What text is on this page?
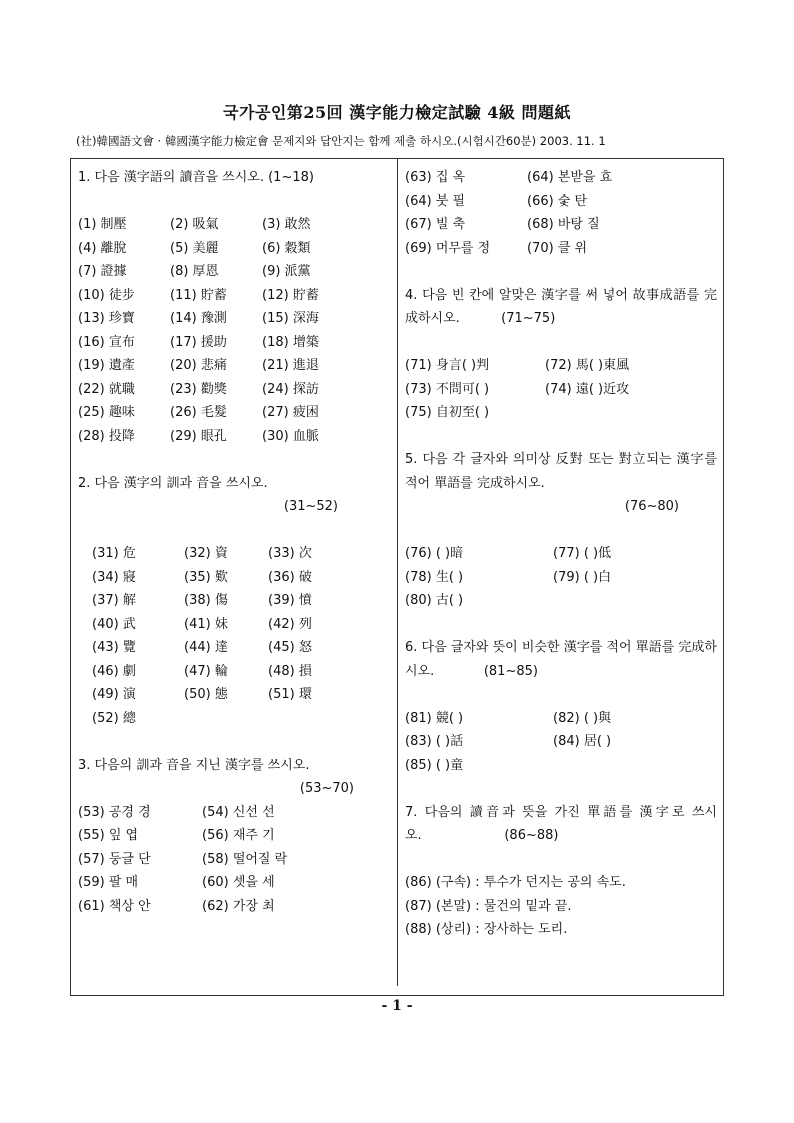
국가공인第25回 漢字能力檢定試驗 4級 問題紙
(社)韓國語文會 · 韓國漢字能力檢定會 문제지와 답안지는 함께 제출 하시오.(시험시간60분) 2003. 11. 1

1. 다음 漢字語의 讀音을 쓰시오. (1~18)

(1) 制壓	(2) 吸氣	(3) 敢然
(4) 離脫	(5) 美麗	(6) 穀類
(7) 證據	(8) 厚恩	(9) 派黨
(10) 徒步	(11) 貯蓄	(12) 貯蓄
(13) 珍寶	(14) 豫測	(15) 深海
(16) 宣布	(17) 援助	(18) 增築
(19) 遺產	(20) 悲痛	(21) 進退
(22) 就職	(23) 勸獎	(24) 探訪
(25) 趣味	(26) 毛髮	(27) 疲困
(28) 投降	(29) 眼孔	(30) 血脈

2. 다음 漢字의 訓과 音을 쓰시오.

(31~52)
(31) 危	(32) 資	(33) 次
(34) 寢	(35) 歎	(36) 破
(37) 解	(38) 傷	(39) 憤
(40) 武	(41) 妹	(42) 列
(43) 覽	(44) 達	(45) 怒
(46) 劇	(47) 輪	(48) 損
(49) 演	(50) 態	(51) 環
(52) 總

3. 다음의 訓과 音을 지닌 漢字를 쓰시오.

(53~70)
(53) 공경 경	(54) 신선 선
(55) 잎 엽	(56) 재주 기
(57) 둥글 단	(58) 떨어질 락
(59) 팔 매	(60) 셋을 세
(61) 책상 안	(62) 가장 최
(63) 집 옥	(64) 본받을 효
(64) 붓 필	(66) 숯 탄
(67) 빌 축	(68) 바탕 질
(69) 머무를 정	(70) 클 위

4. 다음 빈 칸에 알맞은 漢字를 써 넣어 故事成語를 完成하시오.	(71~75)

(71) 身言( )判	(72) 馬( )東風
(73) 不問可( )	(74) 遠( )近攻
(75) 自初至( )

5. 다음 각 글자와 의미상 反對 또는 對立되는 漢字를 적어 單語를 完成하시오.

(76~80)
(76) ( )暗	(77) ( )低
(78) 生( )	(79) ( )白
(80) 古( )

6. 다음 글자와 뜻이 비슷한 漢字를 적어 單語를 完成하시오.	(81~85)

(81) 競( )	(82) ( )與
(83) ( )話	(84) 居( )
(85) ( )童

7. 다음의 讀音과 뜻을 가진 單語를 漢字로 쓰시오.	(86~88)

(86) (구속) : 투수가 던지는 공의 속도.
(87) (본말) : 물건의 밑과 끝.
(88) (상리) : 장사하는 도리.
- 1 -
